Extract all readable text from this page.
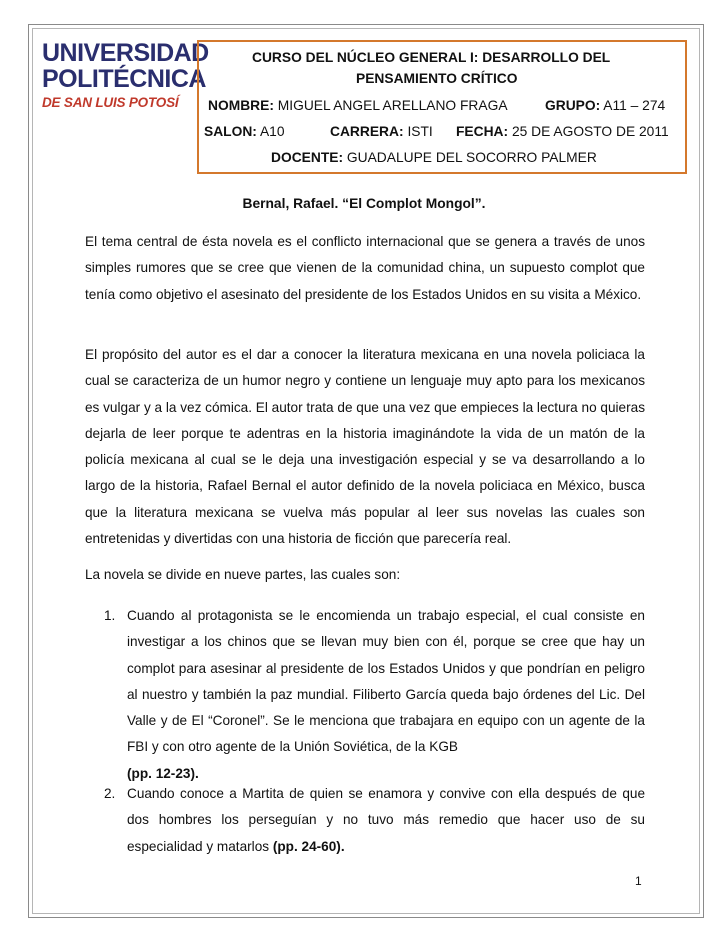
UNIVERSIDAD
POLITÉCNICA
DE SAN LUIS POTOSÍ
CURSO DEL NÚCLEO GENERAL I: DESARROLLO DEL
PENSAMIENTO CRÍTICO
NOMBRE: MIGUEL ANGEL ARELLANO FRAGA	GRUPO: A11 – 274
SALON: A10	CARRERA: ISTI FECHA: 25 DE AGOSTO DE 2011
DOCENTE: GUADALUPE DEL SOCORRO PALMER
Bernal, Rafael. “El Complot Mongol”.

El tema central de ésta novela es el conflicto internacional que se genera a través de unos simples rumores que se cree que vienen de la comunidad china, un supuesto complot que tenía como objetivo el asesinato del presidente de los Estados Unidos en su visita a México.

El propósito del autor es el dar a conocer la literatura mexicana en una novela policiaca la cual se caracteriza de un humor negro y contiene un lenguaje muy apto para los mexicanos es vulgar y a la vez cómica. El autor trata de que una vez que empieces la lectura no quieras dejarla de leer porque te adentras en la historia imaginándote la vida de un matón de la policía mexicana al cual se le deja una investigación especial y se va desarrollando a lo largo de la historia, Rafael Bernal el autor definido de la novela policiaca en México, busca que la literatura mexicana se vuelva más popular al leer sus novelas las cuales son entretenidas y divertidas con una historia de ficción que parecería real.

La novela se divide en nueve partes, las cuales son:

1. Cuando al protagonista se le encomienda un trabajo especial, el cual consiste en investigar a los chinos que se llevan muy bien con él, porque se cree que hay un complot para asesinar al presidente de los Estados Unidos y que pondrían en peligro al nuestro y también la paz mundial. Filiberto García queda bajo órdenes del Lic. Del Valle y de El “Coronel”. Se le menciona que trabajara en equipo con un agente de la FBI y con otro agente de la Unión Soviética, de la KGB
(pp. 12-23).
2. Cuando conoce a Martita de quien se enamora y convive con ella después de que dos hombres los perseguían y no tuvo más remedio que hacer uso de su especialidad y matarlos (pp. 24-60).
1
